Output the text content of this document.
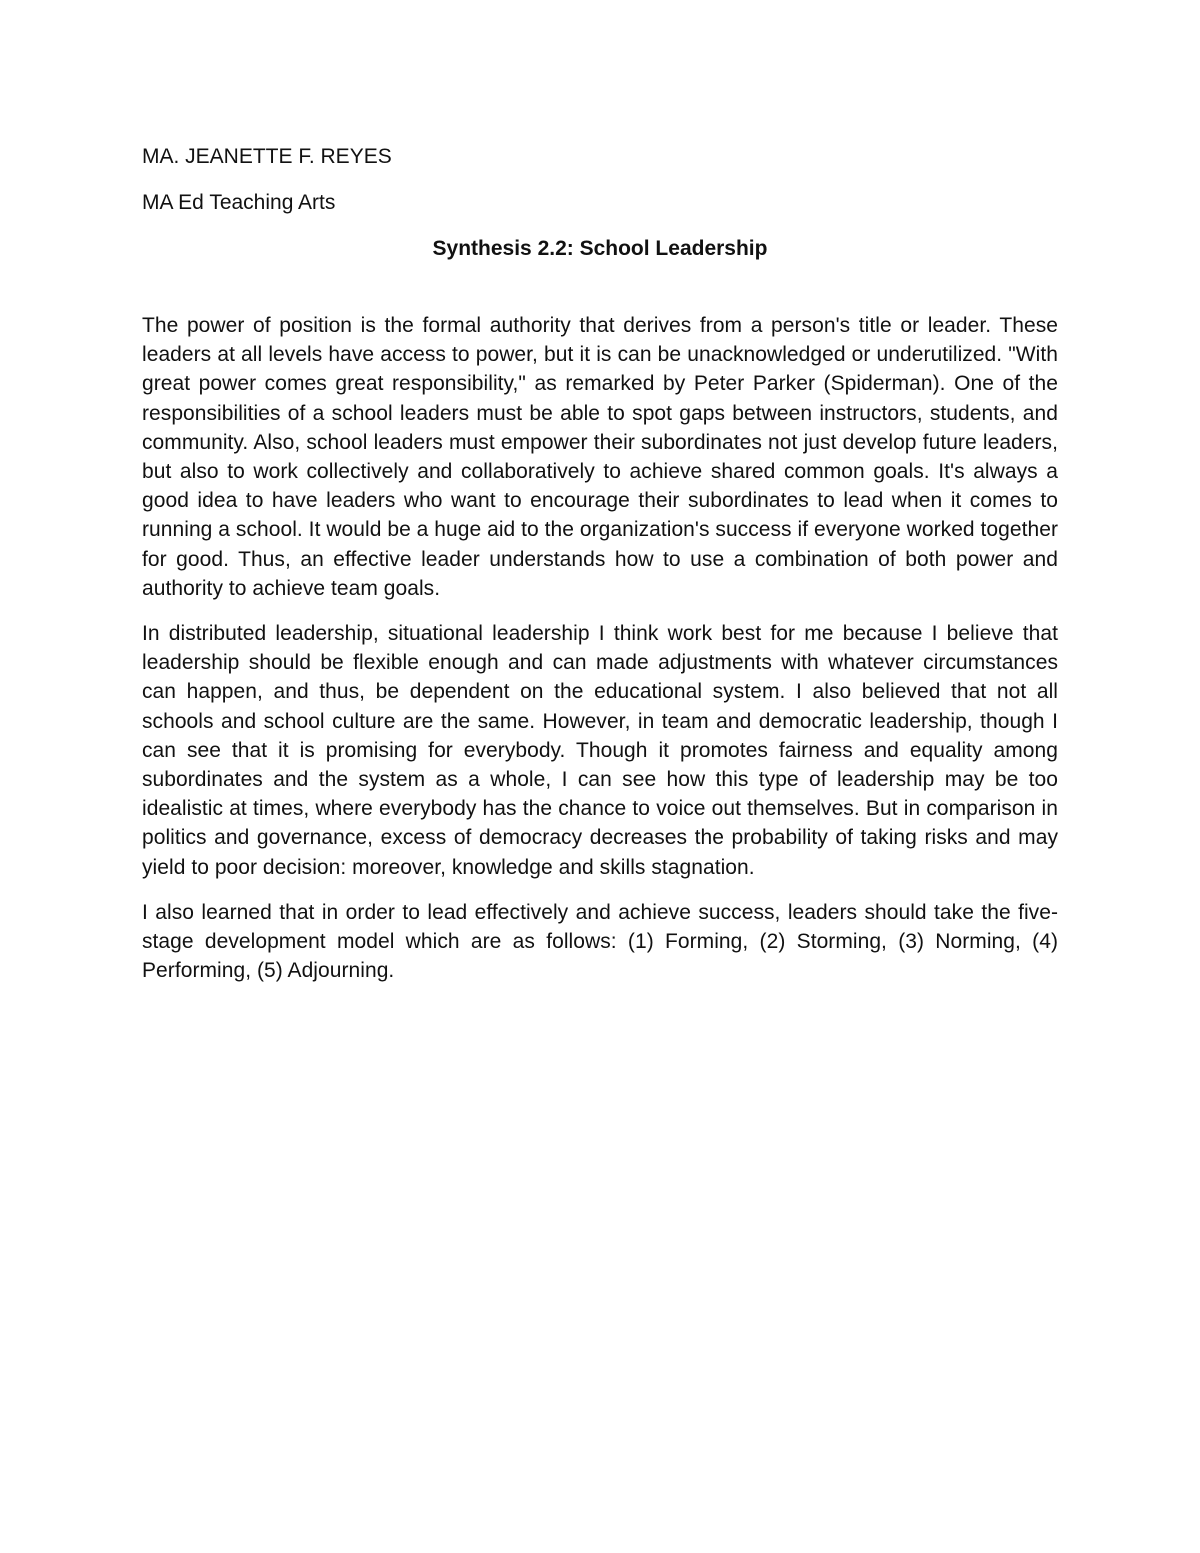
MA. JEANETTE F. REYES

MA Ed Teaching Arts

Synthesis 2.2: School Leadership

The power of position is the formal authority that derives from a person's title or leader. These leaders at all levels have access to power, but it is can be unacknowledged or underutilized. "With great power comes great responsibility," as remarked by Peter Parker (Spiderman). One of the responsibilities of a school leaders must be able to spot gaps between instructors, students, and community. Also, school leaders must empower their subordinates not just develop future leaders, but also to work collectively and collaboratively to achieve shared common goals. It's always a good idea to have leaders who want to encourage their subordinates to lead when it comes to running a school. It would be a huge aid to the organization's success if everyone worked together for good. Thus, an effective leader understands how to use a combination of both power and authority to achieve team goals.

In distributed leadership, situational leadership I think work best for me because I believe that leadership should be flexible enough and can made adjustments with whatever circumstances can happen, and thus, be dependent on the educational system. I also believed that not all schools and school culture are the same. However, in team and democratic leadership, though I can see that it is promising for everybody. Though it promotes fairness and equality among subordinates and the system as a whole, I can see how this type of leadership may be too idealistic at times, where everybody has the chance to voice out themselves. But in comparison in politics and governance, excess of democracy decreases the probability of taking risks and may yield to poor decision: moreover, knowledge and skills stagnation.

I also learned that in order to lead effectively and achieve success, leaders should take the five-stage development model which are as follows: (1) Forming, (2) Storming, (3) Norming, (4) Performing, (5) Adjourning.
